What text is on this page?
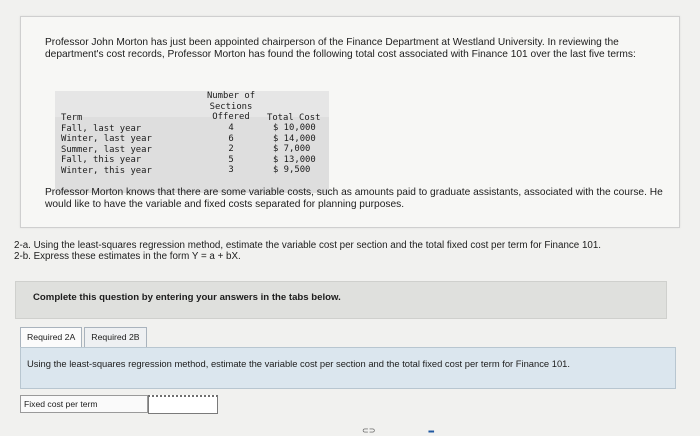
Professor John Morton has just been appointed chairperson of the Finance Department at Westland University. In reviewing the department's cost records, Professor Morton has found the following total cost associated with Finance 101 over the last five terms:
Term
Fall, last year
Winter, last year
Summer, last year
Fall, this year
Winter, this year
Number of
Sections
Offered
4
6
2
5
3
Total Cost
$ 10,000
$ 14,000
$ 7,000
$ 13,000
$ 9,500
Professor Morton knows that there are some variable costs, such as amounts paid to graduate assistants, associated with the course. He would like to have the variable and fixed costs separated for planning purposes.
2-a. Using the least-squares regression method, estimate the variable cost per section and the total fixed cost per term for Finance 101.
2-b. Express these estimates in the form Y = a + bX.
Complete this question by entering your answers in the tabs below.
Required 2A	Required 2B
Using the least-squares regression method, estimate the variable cost per section and the total fixed cost per term for Finance 101.
Fixed cost per term
⊂⊃	▪▪▪
